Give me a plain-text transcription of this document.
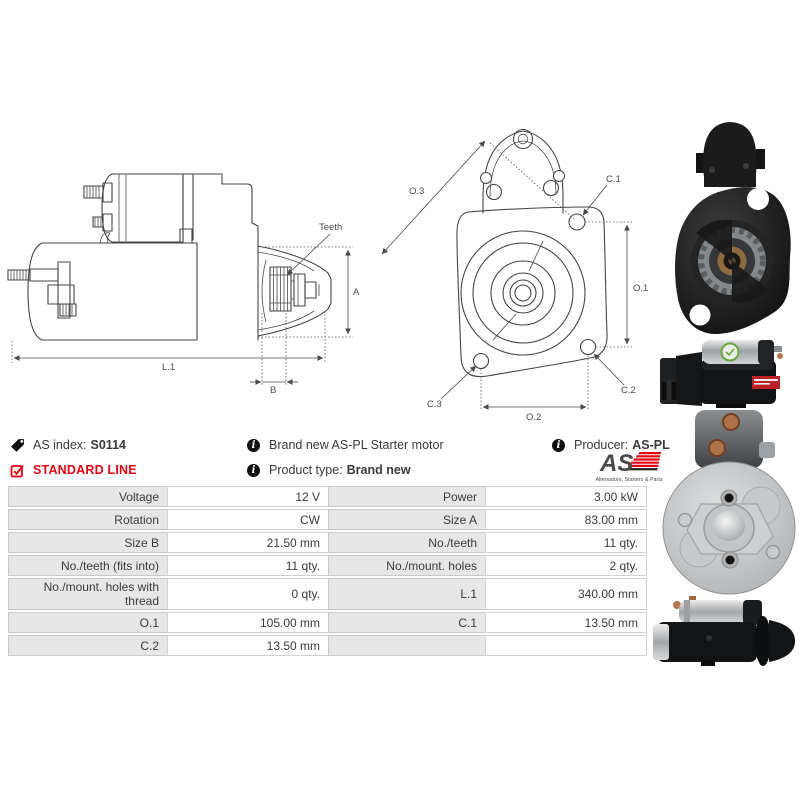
A
L.1
B
Teeth
O.3
C.1
O.1
C.2
C.3
O.2
AS index: S0114
STANDARD LINE
i	Brand new AS-PL Starter motor
i	Product type: Brand new
i	Producer: AS-PL
AS
Alternators, Starters & Parts
Voltage	12 V	Power	3.00 kW
Rotation	CW	Size A	83.00 mm
Size B	21.50 mm	No./teeth	11 qty.
No./teeth (fits into)	11 qty.	No./mount. holes	2 qty.
No./mount. holes with thread	0 qty.	L.1	340.00 mm
O.1	105.00 mm	C.1	13.50 mm
C.2	13.50 mm
